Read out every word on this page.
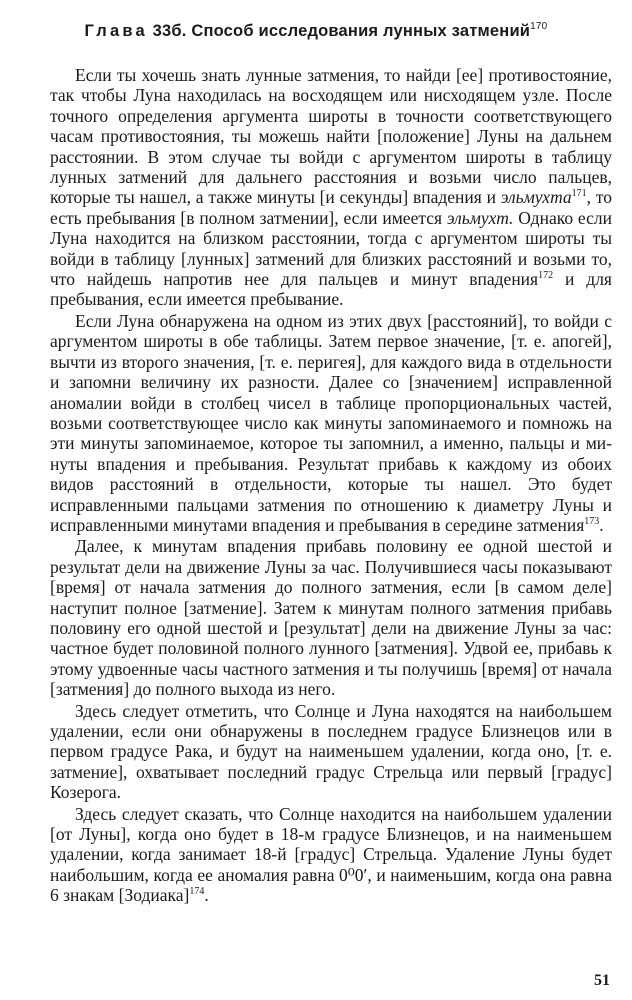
Глава 33б. Способ исследования лунных затмений$^{170}$

Если ты хочешь знать лунные затмения, то найди [ее] противостояние, так чтобы Луна находилась на восходящем или нисходящем узле. После точного определения аргумента широты в точности соответствующего часам противостояния, ты можешь найти [положение] Луны на дальнем расстоянии. В этом случае ты войди с аргументом широты в таблицу лунных затмений для дальнего расстояния и возьми число пальцев, которые ты нашел, а также минуты [и секунды] впадения и эльмухта$^{171}$, то есть пребывания [в полном затмении], если имеется эльмухт. Однако если Луна находится на близком расстоянии, тогда с аргументом широты ты войди в таблицу [лунных] затмений для близких расстояний и возьми то, что найдешь напротив нее для пальцев и минут впадения$^{172}$ и для пребывания, если имеется пребывание.

Если Луна обнаружена на одном из этих двух [расстояний], то войди с аргументом широты в обе таблицы. Затем первое значение, [т. е. апогей], вычти из второго значения, [т. е. перигея], для каждого вида в отдельности и запомни величину их разности. Далее со [значением] исправленной аномалии войди в столбец чисел в таблице пропорциональных частей, возьми соответствующее число как минуты запоминаемого и помножь на эти минуты запоминаемое, которое ты запомнил, а именно, пальцы и минуты впадения и пребывания. Результат прибавь к каждому из обоих видов расстояний в отдельности, которые ты нашел. Это будет исправленными пальцами затмения по отношению к диаметру Луны и исправленными минутами впадения и пребывания в середине затмения$^{173}$.

Далее, к минутам впадения прибавь половину ее одной шестой и результат дели на движение Луны за час. Получившиеся часы показывают [время] от начала затмения до полного затмения, если [в самом деле] наступит полное [затмение]. Затем к минутам полного затмения прибавь половину его одной шестой и [результат] дели на движение Луны за час: частное будет половиной полного лунного [затмения]. Удвой ее, прибавь к этому удвоенные часы частного затмения и ты получишь [время] от начала [затмения] до полного выхода из него.

Здесь следует отметить, что Солнце и Луна находятся на наибольшем удалении, если они обнаружены в последнем градусе Близнецов или в первом градусе Рака, и будут на наименьшем удалении, когда оно, [т. е. затмение], охватывает последний градус Стрельца или первый [градус] Козерога.

Здесь следует сказать, что Солнце находится на наибольшем удалении [от Луны], когда оно будет в 18-м градусе Близнецов, и на наименьшем удалении, когда занимает 18-й [градус] Стрельца. Удаление Луны будет наибольшим, когда ее аномалия равна 0⁰0′, и наименьшим, когда она равна 6 знакам [Зодиака]$^{174}$.

51
